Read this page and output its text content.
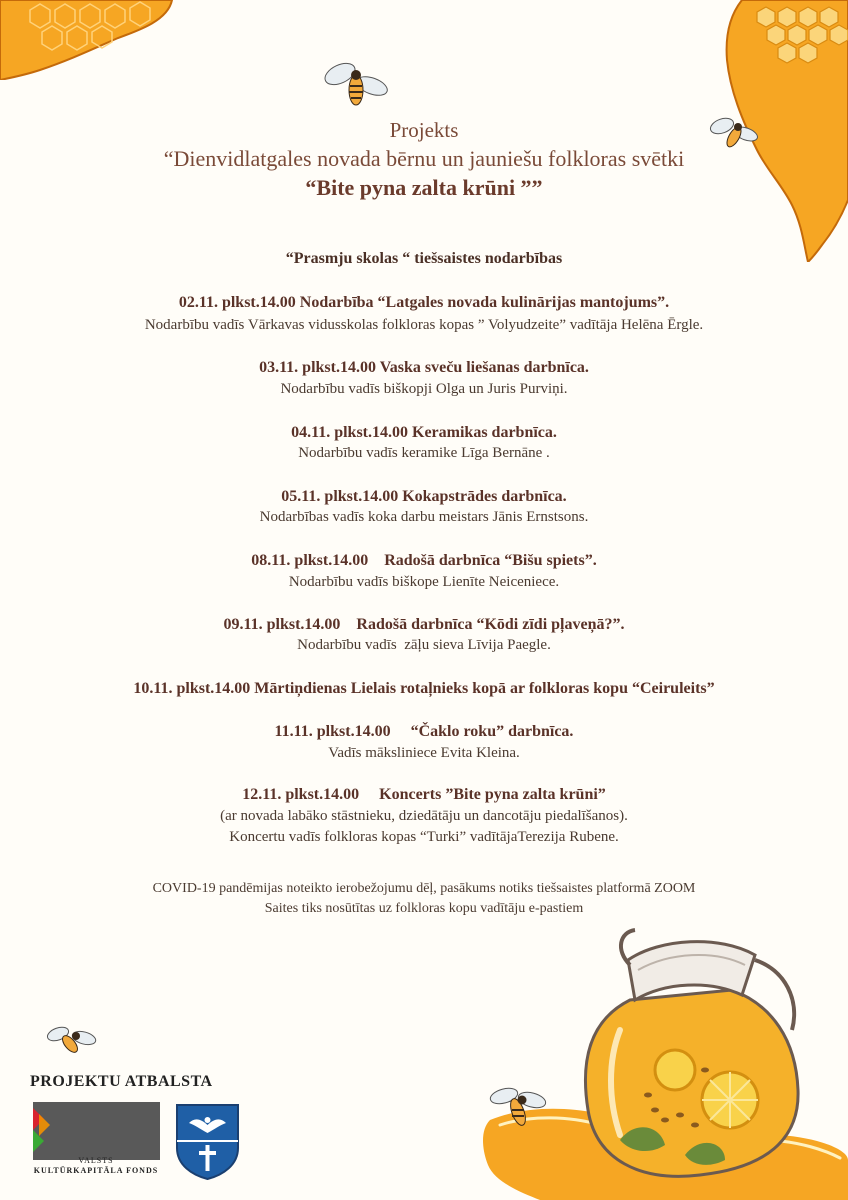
Projekts
“Dienvidlatgales novada bērnu un jauniešu folkloras svētki
“Bite pyna zalta krūni ””
“Prasmju skolas “ tiešsaistes nodarbības
02.11. plkst.14.00 Nodarbība “Latgales novada kulinārijas mantojums”.
Nodarbību vadīs Vārkavas vidusskolas folkloras kopas ” Volyudzeite” vadītāja Helēna Ērgle.
03.11. plkst.14.00 Vaska sveču liešanas darbnīca.
Nodarbību vadīs biškopji Olga un Juris Purviņi.
04.11. plkst.14.00 Keramikas darbnīca.
Nodarbību vadīs keramike Līga Bernāne .
05.11. plkst.14.00 Kokapstrādes darbnīca.
Nodarbības vadīs koka darbu meistars Jānis Ernstsons.
08.11. plkst.14.00    Radošā darbnīca “Bišu spiets”.
Nodarbību vadīs biškope Lienīte Neiceniece.
09.11. plkst.14.00    Radošā darbnīca “Kōdi zīdi pļaveņā?”.
Nodarbību vadīs  zāļu sieva Līvija Paegle.
10.11. plkst.14.00 Mārtiņdienas Lielais rotaļnieks kopā ar folkloras kopu “Ceiruleits”
11.11. plkst.14.00     “Čaklo roku” darbnīca.
Vadīs māksliniece Evita Kleina.
12.11. plkst.14.00     Koncerts ”Bite pyna zalta krūni”
(ar novada labāko stāstnieku, dziedātāju un dancotāju piedalīšanos).
Koncertu vadīs folkloras kopas “Turki” vadītājaTerezija Rubene.
COVID-19 pandēmijas noteikto ierobežojumu dēļ, pasākums notiks tiešsaistes platformā ZOOM
Saites tiks nosūtītas uz folkloras kopu vadītāju e-pastiem
PROJEKTU ATBALSTA
VALSTS
KULTŪRKAPITĀLA FONDS
